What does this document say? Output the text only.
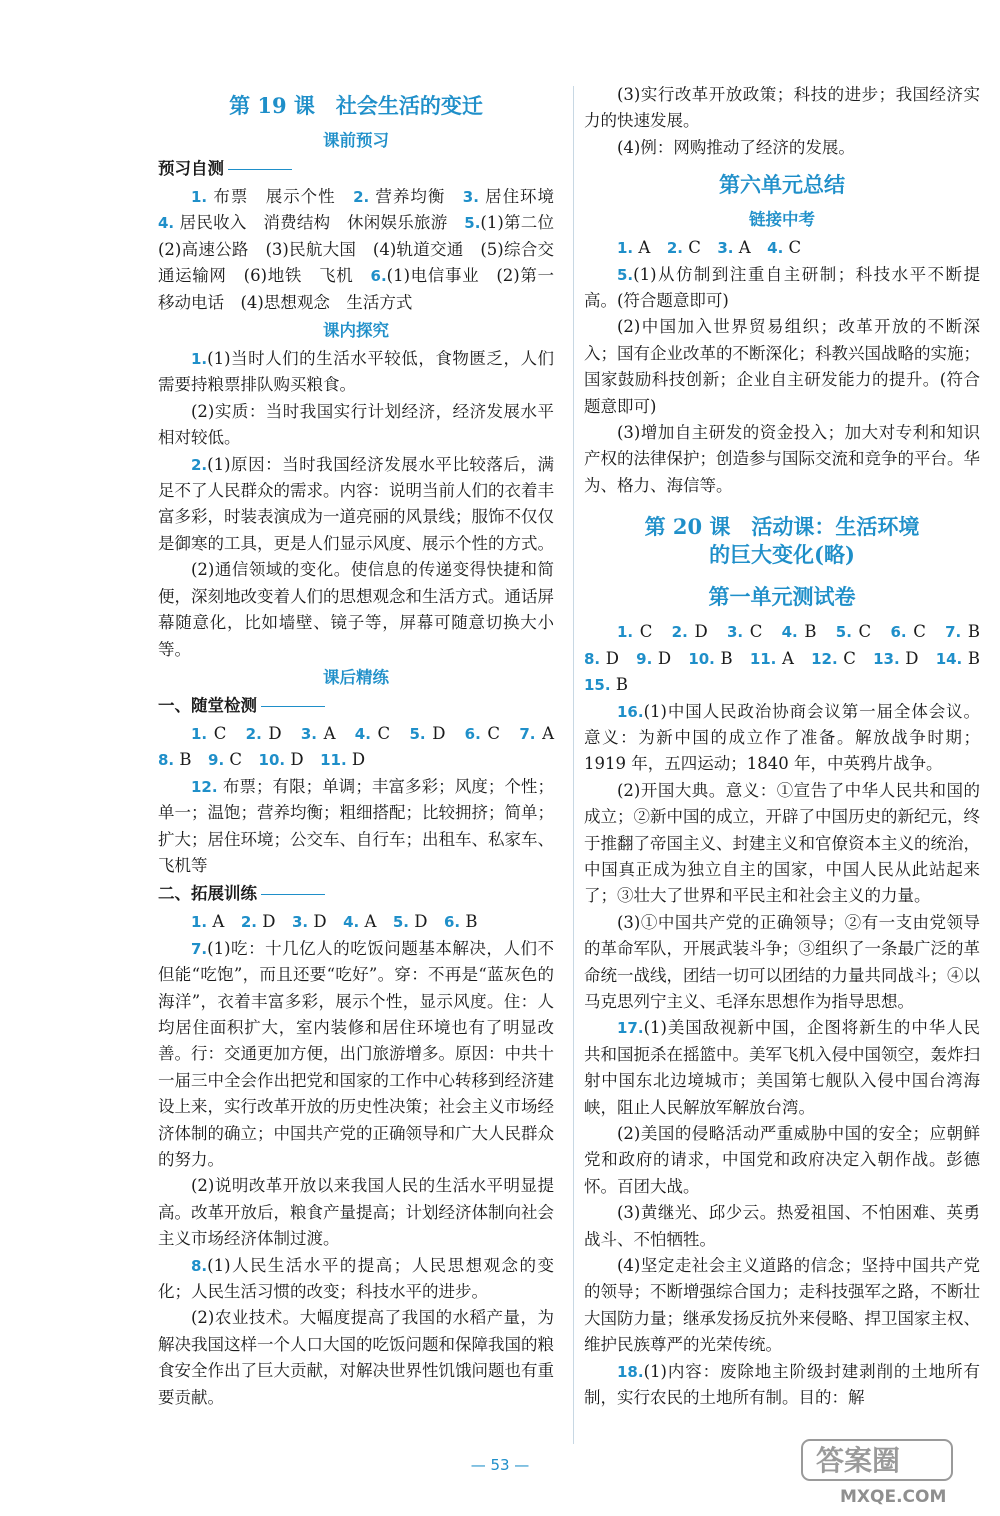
第 19 课　社会生活的变迁
课前预习
预习自测

1. 布票　展示个性　2. 营养均衡　3. 居住环境　4. 居民收入　消费结构　休闲娱乐旅游　5.(1)第二位　(2)高速公路　(3)民航大国　(4)轨道交通　(5)综合交通运输网　(6)地铁　飞机　6.(1)电信事业　(2)第一　移动电话　(4)思想观念　生活方式

课内探究

1.(1)当时人们的生活水平较低，食物匮乏，人们需要持粮票排队购买粮食。

(2)实质：当时我国实行计划经济，经济发展水平相对较低。

2.(1)原因：当时我国经济发展水平比较落后，满足不了人民群众的需求。内容：说明当前人们的衣着丰富多彩，时装表演成为一道亮丽的风景线；服饰不仅仅是御寒的工具，更是人们显示风度、展示个性的方式。

(2)通信领域的变化。使信息的传递变得快捷和简便，深刻地改变着人们的思想观念和生活方式。通话屏幕随意化，比如墙壁、镜子等，屏幕可随意切换大小等。

课后精练
一、随堂检测

1. C　2. D　3. A　4. C　5. D　6. C　7. A　8. B　9. C　10. D　11. D

12. 布票；有限；单调；丰富多彩；风度；个性；单一；温饱；营养均衡；粗细搭配；比较拥挤；简单；扩大；居住环境；公交车、自行车；出租车、私家车、飞机等

二、拓展训练

1. A　2. D　3. D　4. A　5. D　6. B

7.(1)吃：十几亿人的吃饭问题基本解决，人们不但能“吃饱”，而且还要“吃好”。穿：不再是“蓝灰色的海洋”，衣着丰富多彩，展示个性，显示风度。住：人均居住面积扩大，室内装修和居住环境也有了明显改善。行：交通更加方便，出门旅游增多。原因：中共十一届三中全会作出把党和国家的工作中心转移到经济建设上来，实行改革开放的历史性决策；社会主义市场经济体制的确立；中国共产党的正确领导和广大人民群众的努力。

(2)说明改革开放以来我国人民的生活水平明显提高。改革开放后，粮食产量提高；计划经济体制向社会主义市场经济体制过渡。

8.(1)人民生活水平的提高；人民思想观念的变化；人民生活习惯的改变；科技水平的进步。

(2)农业技术。大幅度提高了我国的水稻产量，为解决我国这样一个人口大国的吃饭问题和保障我国的粮食安全作出了巨大贡献，对解决世界性饥饿问题也有重要贡献。

(3)实行改革开放政策；科技的进步；我国经济实力的快速发展。

(4)例：网购推动了经济的发展。

第六单元总结
链接中考

1. A　2. C　3. A　4. C

5.(1)从仿制到注重自主研制；科技水平不断提高。(符合题意即可)

(2)中国加入世界贸易组织；改革开放的不断深入；国有企业改革的不断深化；科教兴国战略的实施；国家鼓励科技创新；企业自主研发能力的提升。(符合题意即可)

(3)增加自主研发的资金投入；加大对专利和知识产权的法律保护；创造参与国际交流和竞争的平台。华为、格力、海信等。

第 20 课　活动课：生活环境
的巨大变化(略)
第一单元测试卷

1. C　2. D　3. C　4. B　5. C　6. C　7. B　8. D　9. D　10. B　11. A　12. C　13. D　14. B　15. B

16.(1)中国人民政治协商会议第一届全体会议。意义：为新中国的成立作了准备。解放战争时期；1919 年，五四运动；1840 年，中英鸦片战争。

(2)开国大典。意义：①宣告了中华人民共和国的成立；②新中国的成立，开辟了中国历史的新纪元，终于推翻了帝国主义、封建主义和官僚资本主义的统治，中国真正成为独立自主的国家，中国人民从此站起来了；③壮大了世界和平民主和社会主义的力量。

(3)①中国共产党的正确领导；②有一支由党领导的革命军队，开展武装斗争；③组织了一条最广泛的革命统一战线，团结一切可以团结的力量共同战斗；④以马克思列宁主义、毛泽东思想作为指导思想。

17.(1)美国敌视新中国，企图将新生的中华人民共和国扼杀在摇篮中。美军飞机入侵中国领空，轰炸扫射中国东北边境城市；美国第七舰队入侵中国台湾海峡，阻止人民解放军解放台湾。

(2)美国的侵略活动严重威胁中国的安全；应朝鲜党和政府的请求，中国党和政府决定入朝作战。彭德怀。百团大战。

(3)黄继光、邱少云。热爱祖国、不怕困难、英勇战斗、不怕牺牲。

(4)坚定走社会主义道路的信念；坚持中国共产党的领导；不断增强综合国力；走科技强军之路，不断壮大国防力量；继承发扬反抗外来侵略、捍卫国家主权、维护民族尊严的光荣传统。

18.(1)内容：废除地主阶级封建剥削的土地所有制，实行农民的土地所有制。目的：解

— 53 —	答案圈
MXQE.COM
